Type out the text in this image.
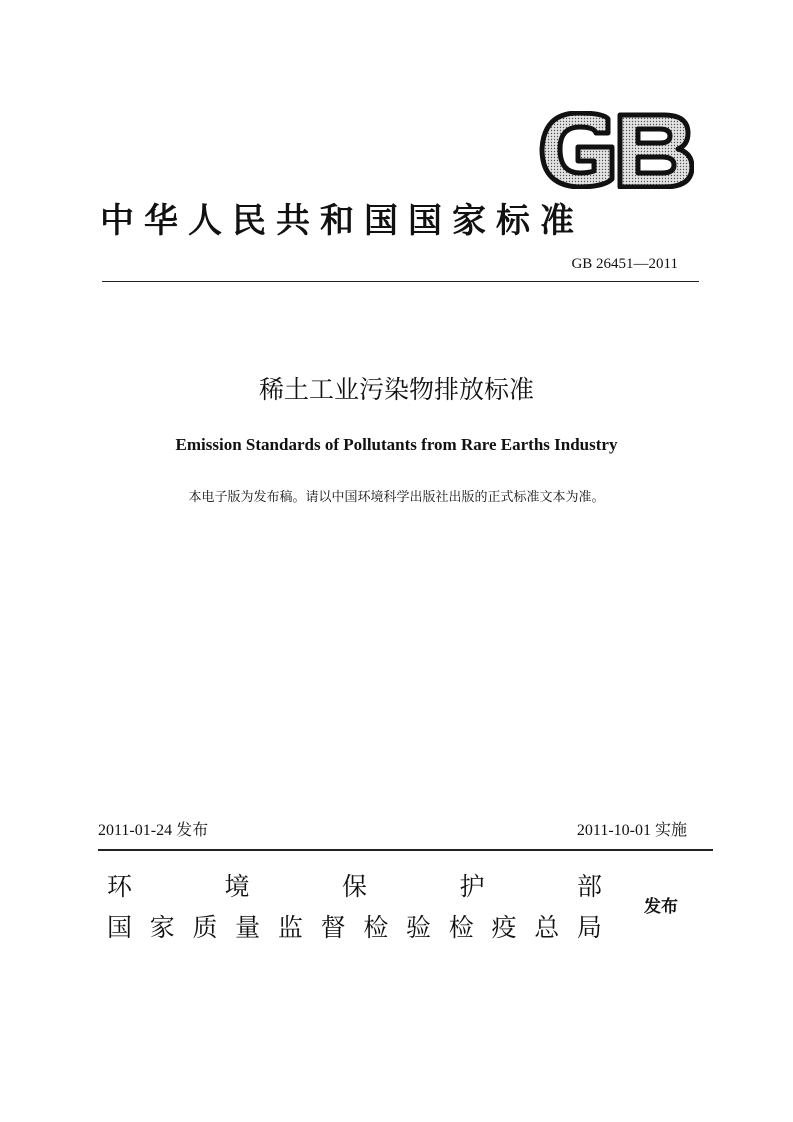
中华人民共和国国家标准
GB 26451—2011
稀土工业污染物排放标准
Emission Standards of Pollutants from Rare Earths Industry
本电子版为发布稿。请以中国环境科学出版社出版的正式标准文本为准。
2011-01-24 发布	2011-10-01 实施
环	境	保	护	部
国 家 质 量 监 督 检 验 检 疫 总 局
发布
